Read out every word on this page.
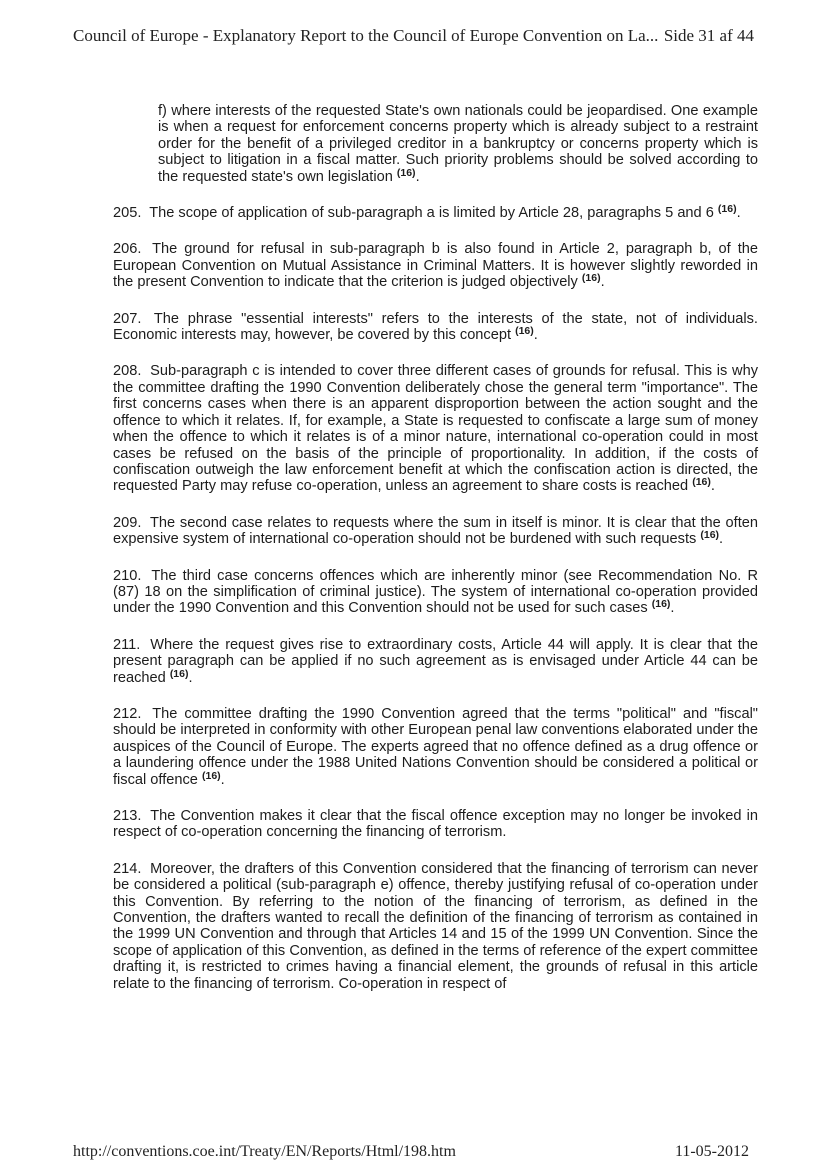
Council of Europe - Explanatory Report to the Council of Europe Convention on La... Side 31 af 44

f) where interests of the requested State's own nationals could be jeopardised. One example is when a request for enforcement concerns property which is already subject to a restraint order for the benefit of a privileged creditor in a bankruptcy or concerns property which is subject to litigation in a fiscal matter. Such priority problems should be solved according to the requested state's own legislation $^{(16)}$.

205. The scope of application of sub-paragraph a is limited by Article 28, paragraphs 5 and 6 $^{(16)}$.

206. The ground for refusal in sub-paragraph b is also found in Article 2, paragraph b, of the European Convention on Mutual Assistance in Criminal Matters. It is however slightly reworded in the present Convention to indicate that the criterion is judged objectively $^{(16)}$.

207. The phrase "essential interests" refers to the interests of the state, not of individuals. Economic interests may, however, be covered by this concept $^{(16)}$.

208. Sub-paragraph c is intended to cover three different cases of grounds for refusal. This is why the committee drafting the 1990 Convention deliberately chose the general term "importance". The first concerns cases when there is an apparent disproportion between the action sought and the offence to which it relates. If, for example, a State is requested to confiscate a large sum of money when the offence to which it relates is of a minor nature, international co-operation could in most cases be refused on the basis of the principle of proportionality. In addition, if the costs of confiscation outweigh the law enforcement benefit at which the confiscation action is directed, the requested Party may refuse co-operation, unless an agreement to share costs is reached $^{(16)}$.

209. The second case relates to requests where the sum in itself is minor. It is clear that the often expensive system of international co-operation should not be burdened with such requests $^{(16)}$.

210. The third case concerns offences which are inherently minor (see Recommendation No. R (87) 18 on the simplification of criminal justice). The system of international co-operation provided under the 1990 Convention and this Convention should not be used for such cases $^{(16)}$.

211. Where the request gives rise to extraordinary costs, Article 44 will apply. It is clear that the present paragraph can be applied if no such agreement as is envisaged under Article 44 can be reached $^{(16)}$.

212. The committee drafting the 1990 Convention agreed that the terms "political" and "fiscal" should be interpreted in conformity with other European penal law conventions elaborated under the auspices of the Council of Europe. The experts agreed that no offence defined as a drug offence or a laundering offence under the 1988 United Nations Convention should be considered a political or fiscal offence $^{(16)}$.

213. The Convention makes it clear that the fiscal offence exception may no longer be invoked in respect of co-operation concerning the financing of terrorism.

214. Moreover, the drafters of this Convention considered that the financing of terrorism can never be considered a political (sub-paragraph e) offence, thereby justifying refusal of co-operation under this Convention. By referring to the notion of the financing of terrorism, as defined in the Convention, the drafters wanted to recall the definition of the financing of terrorism as contained in the 1999 UN Convention and through that Articles 14 and 15 of the 1999 UN Convention. Since the scope of application of this Convention, as defined in the terms of reference of the expert committee drafting it, is restricted to crimes having a financial element, the grounds of refusal in this article relate to the financing of terrorism. Co-operation in respect of

http://conventions.coe.int/Treaty/EN/Reports/Html/198.htm	11-05-2012
